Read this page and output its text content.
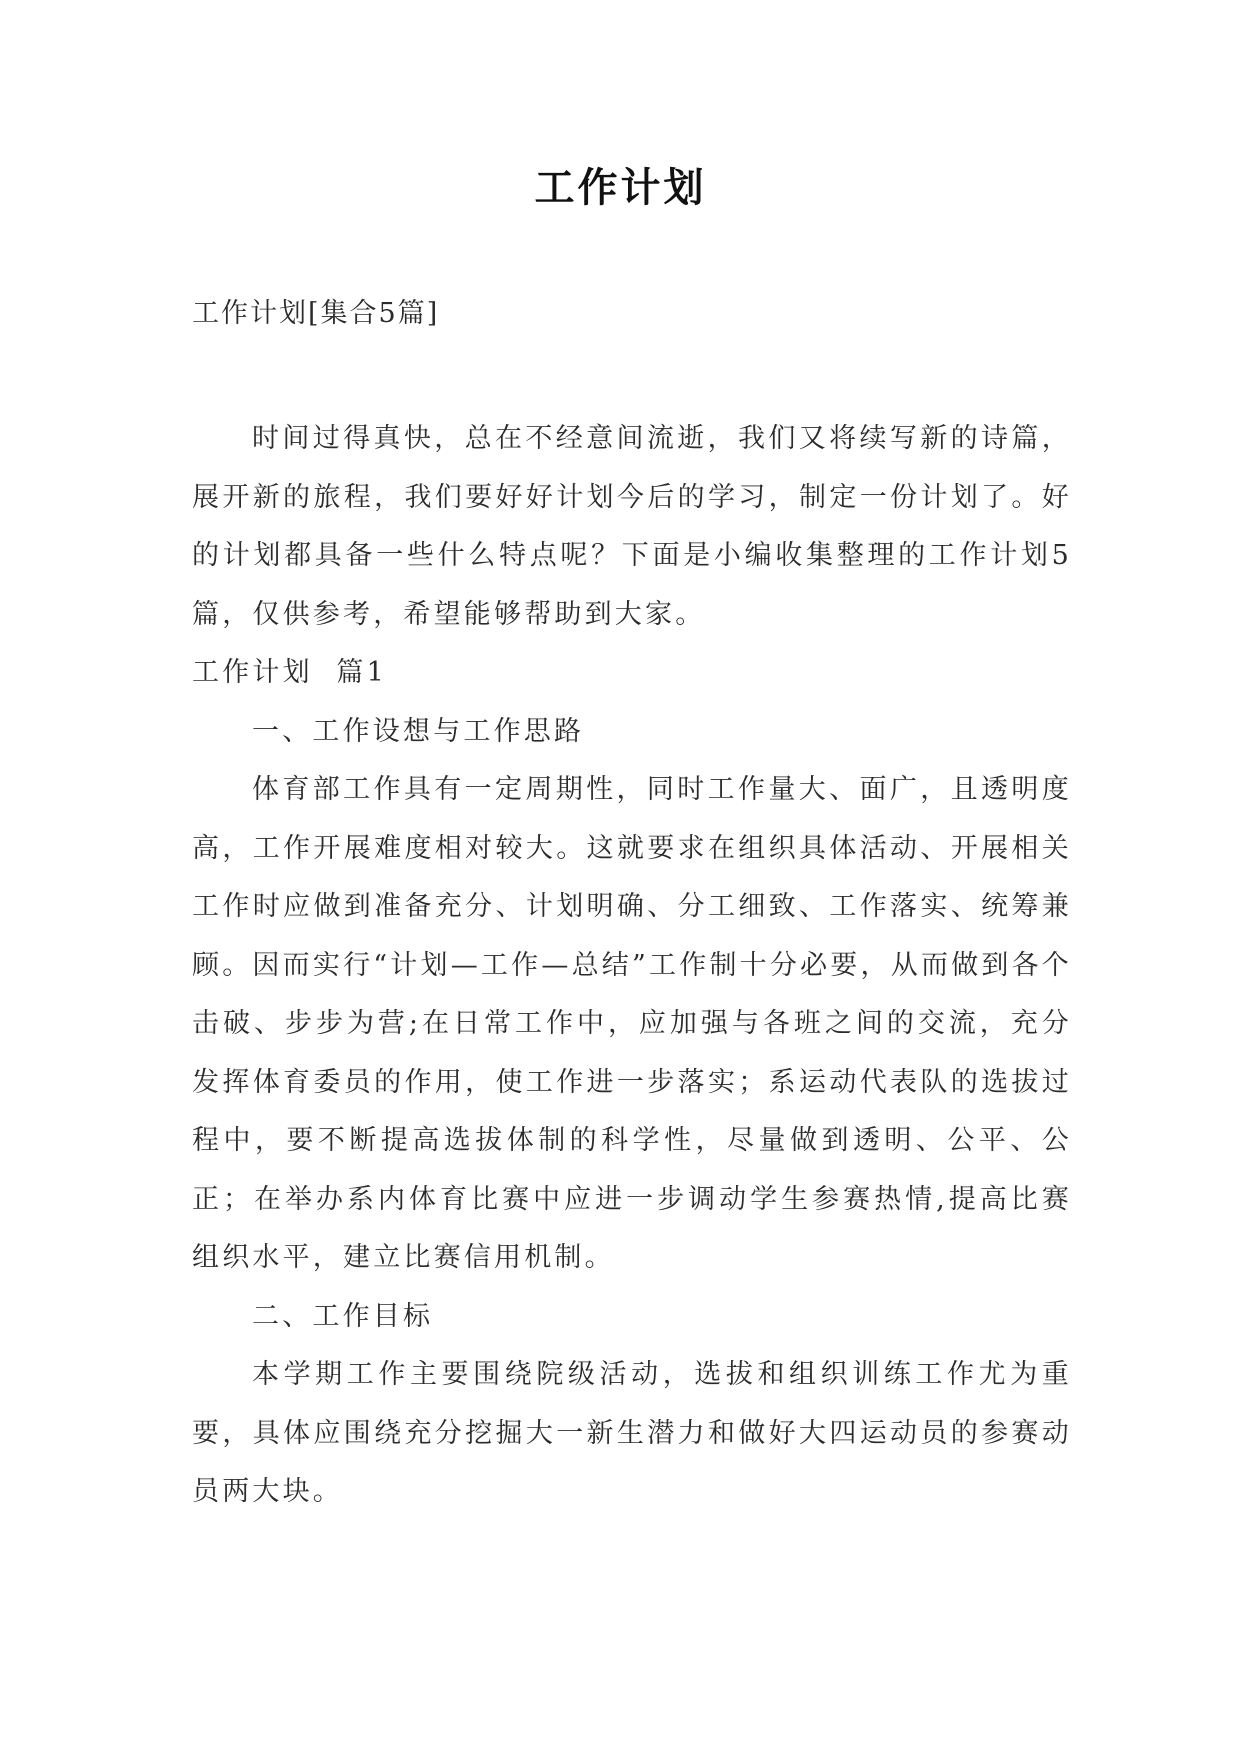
工作计划
工作计划[集合5篇]

时间过得真快，总在不经意间流逝，我们又将续写新的诗篇，展开新的旅程，我们要好好计划今后的学习，制定一份计划了。好的计划都具备一些什么特点呢？下面是小编收集整理的工作计划5篇，仅供参考，希望能够帮助到大家。

工作计划  篇1

一、工作设想与工作思路

体育部工作具有一定周期性，同时工作量大、面广，且透明度高，工作开展难度相对较大。这就要求在组织具体活动、开展相关工作时应做到准备充分、计划明确、分工细致、工作落实、统筹兼顾。因而实行“计划—工作—总结”工作制十分必要，从而做到各个击破、步步为营;在日常工作中，应加强与各班之间的交流，充分发挥体育委员的作用，使工作进一步落实；系运动代表队的选拔过程中，要不断提高选拔体制的科学性，尽量做到透明、公平、公正；在举办系内体育比赛中应进一步调动学生参赛热情,提高比赛组织水平，建立比赛信用机制。

二、工作目标

本学期工作主要围绕院级活动，选拔和组织训练工作尤为重要，具体应围绕充分挖掘大一新生潜力和做好大四运动员的参赛动员两大块。
